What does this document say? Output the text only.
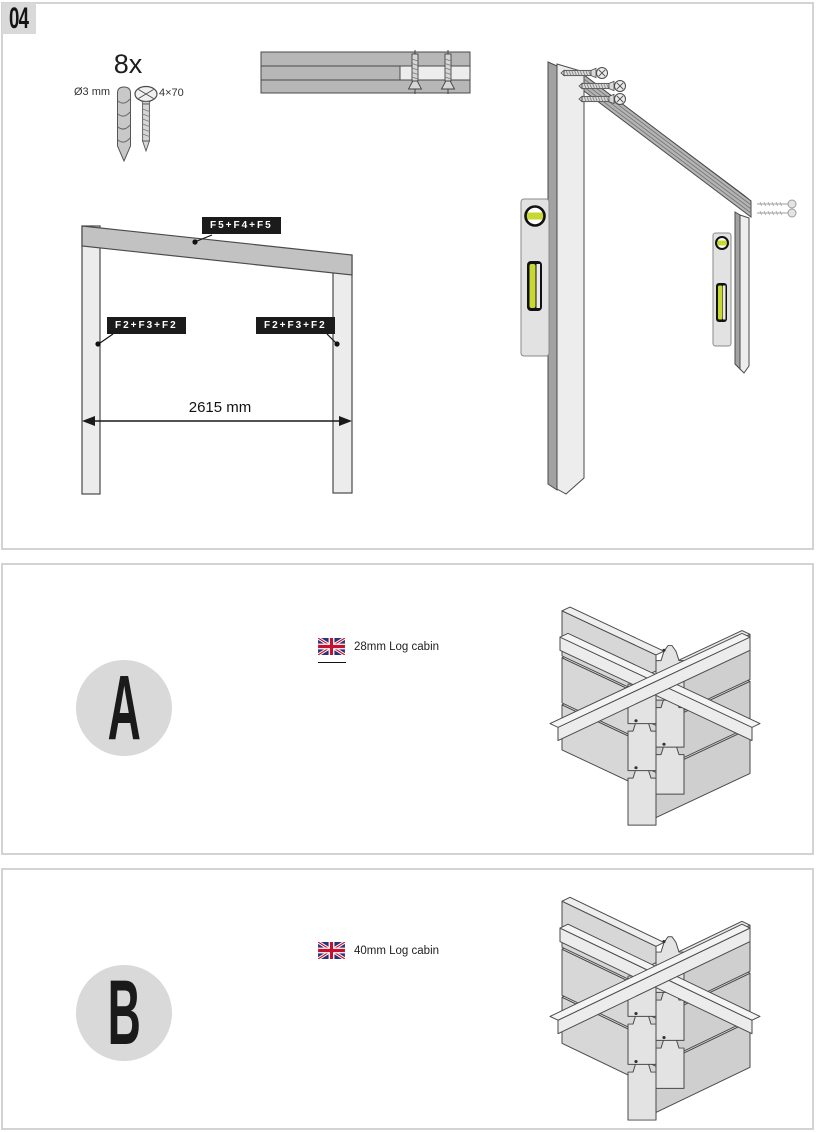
04
8x
Ø3 mm	4×70
F5+F4+F5
F2+F3+F2	F2+F3+F2
2615 mm
A
28mm Log cabin
B
40mm Log cabin
